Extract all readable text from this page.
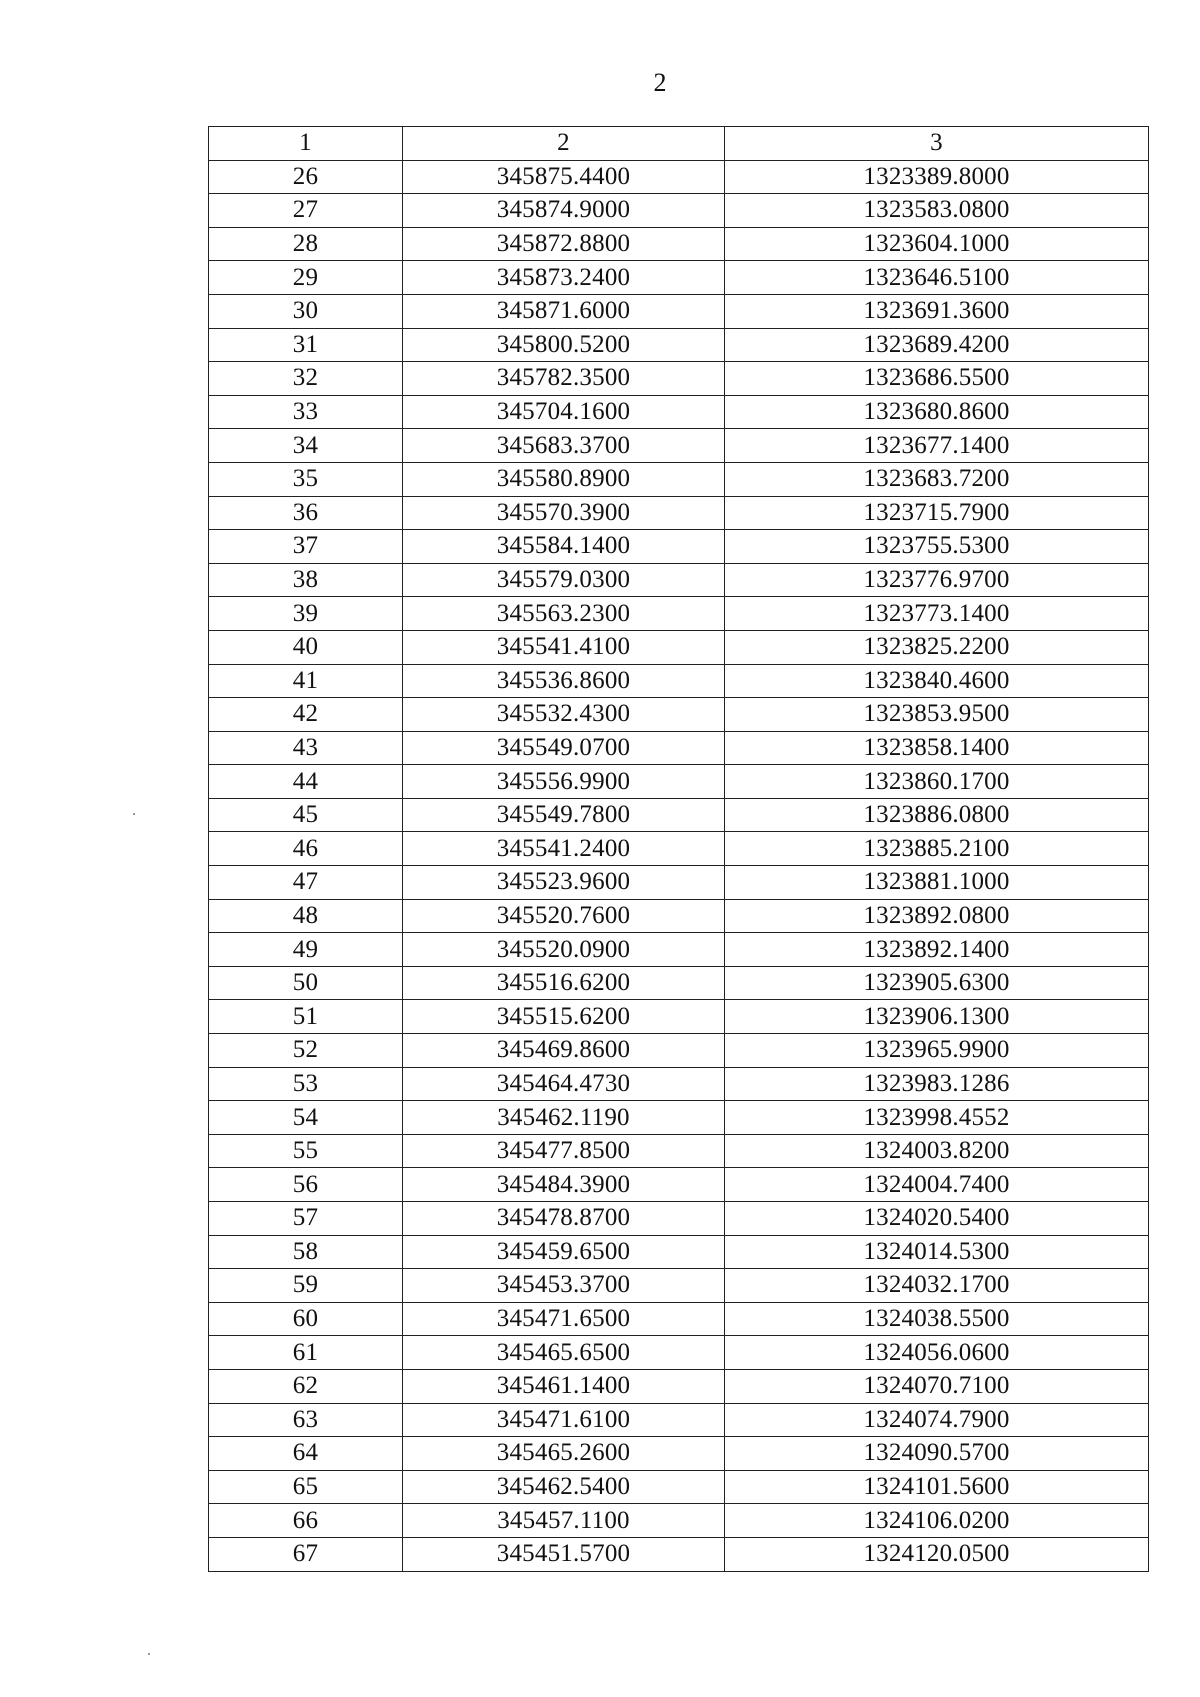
2
1	2	3
26	345875.4400	1323389.8000
27	345874.9000	1323583.0800
28	345872.8800	1323604.1000
29	345873.2400	1323646.5100
30	345871.6000	1323691.3600
31	345800.5200	1323689.4200
32	345782.3500	1323686.5500
33	345704.1600	1323680.8600
34	345683.3700	1323677.1400
35	345580.8900	1323683.7200
36	345570.3900	1323715.7900
37	345584.1400	1323755.5300
38	345579.0300	1323776.9700
39	345563.2300	1323773.1400
40	345541.4100	1323825.2200
41	345536.8600	1323840.4600
42	345532.4300	1323853.9500
43	345549.0700	1323858.1400
44	345556.9900	1323860.1700
45	345549.7800	1323886.0800
46	345541.2400	1323885.2100
47	345523.9600	1323881.1000
48	345520.7600	1323892.0800
49	345520.0900	1323892.1400
50	345516.6200	1323905.6300
51	345515.6200	1323906.1300
52	345469.8600	1323965.9900
53	345464.4730	1323983.1286
54	345462.1190	1323998.4552
55	345477.8500	1324003.8200
56	345484.3900	1324004.7400
57	345478.8700	1324020.5400
58	345459.6500	1324014.5300
59	345453.3700	1324032.1700
60	345471.6500	1324038.5500
61	345465.6500	1324056.0600
62	345461.1400	1324070.7100
63	345471.6100	1324074.7900
64	345465.2600	1324090.5700
65	345462.5400	1324101.5600
66	345457.1100	1324106.0200
67	345451.5700	1324120.0500
